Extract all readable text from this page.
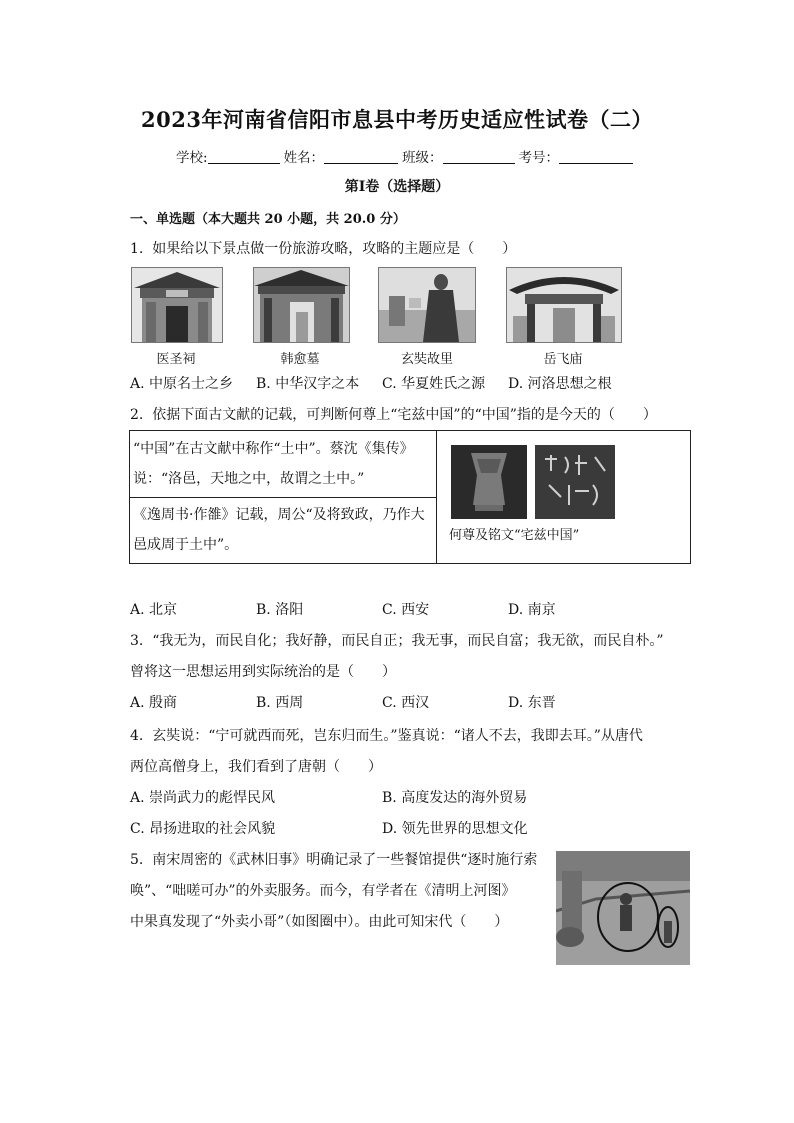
2023年河南省信阳市息县中考历史适应性试卷（二）
学校:	姓名：	班级：	考号：
第Ⅰ卷（选择题）
一、单选题（本大题共 20 小题，共 20.0 分）
1. 如果给以下景点做一份旅游攻略，攻略的主题应是（　　）
医圣祠	韩愈墓	玄奘故里	岳飞庙
A. 中原名士之乡 B. 中华汉字之本 C. 华夏姓氏之源 D. 河洛思想之根
2. 依据下面古文献的记载，可判断何尊上“宅兹中国”的“中国”指的是今天的（　　）
“中国”在古文献中称作“土中”。蔡沈《集传》
说：“洛邑，天地之中，故谓之土中。”

何尊及铭文“宅兹中国”

《逸周书·作雒》记载，周公“及将致政，乃作大
邑成周于土中”。
A. 北京	B. 洛阳	C. 西安	D. 南京
3. “我无为，而民自化；我好静，而民自正；我无事，而民自富；我无欲，而民自朴。”
曾将这一思想运用到实际统治的是（　　）
A. 殷商	B. 西周	C. 西汉	D. 东晋
4. 玄奘说：“宁可就西而死，岂东归而生。”鉴真说：“诸人不去，我即去耳。”从唐代
两位高僧身上，我们看到了唐朝（　　）
A. 崇尚武力的彪悍民风	B. 高度发达的海外贸易
C. 昂扬进取的社会风貌	D. 领先世界的思想文化
5. 南宋周密的《武林旧事》明确记录了一些餐馆提供“逐时施行索
唤”、“咄嗟可办”的外卖服务。而今，有学者在《清明上河图》
中果真发现了“外卖小哥”（如图圈中）。由此可知宋代（　　）
